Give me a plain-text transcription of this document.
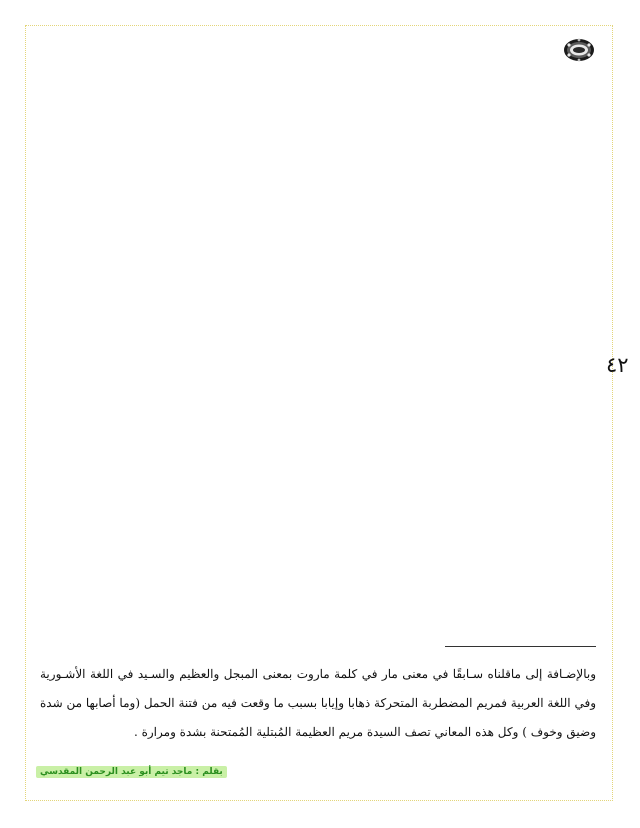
٤٢

وبالإضـافة إلى ماقلناه سـابقًا في معنى مار في كلمة ماروت بمعنى المبجل والعظيم والسـيد في اللغة الأشـورية وفي اللغة العربية فمريم المضطربة المتحركة ذهابا وإيابا بسبب ما وقعت فيه من فتنة الحمل (وما أصابها من شدة وضيق وخوف ) وكل هذه المعاني تصف السيدة مريم العظيمة المُبتلية المُمتحنة بشدة ومرارة .

بقلم : ماجد تيم أبو عبد الرحمن المقدسي
